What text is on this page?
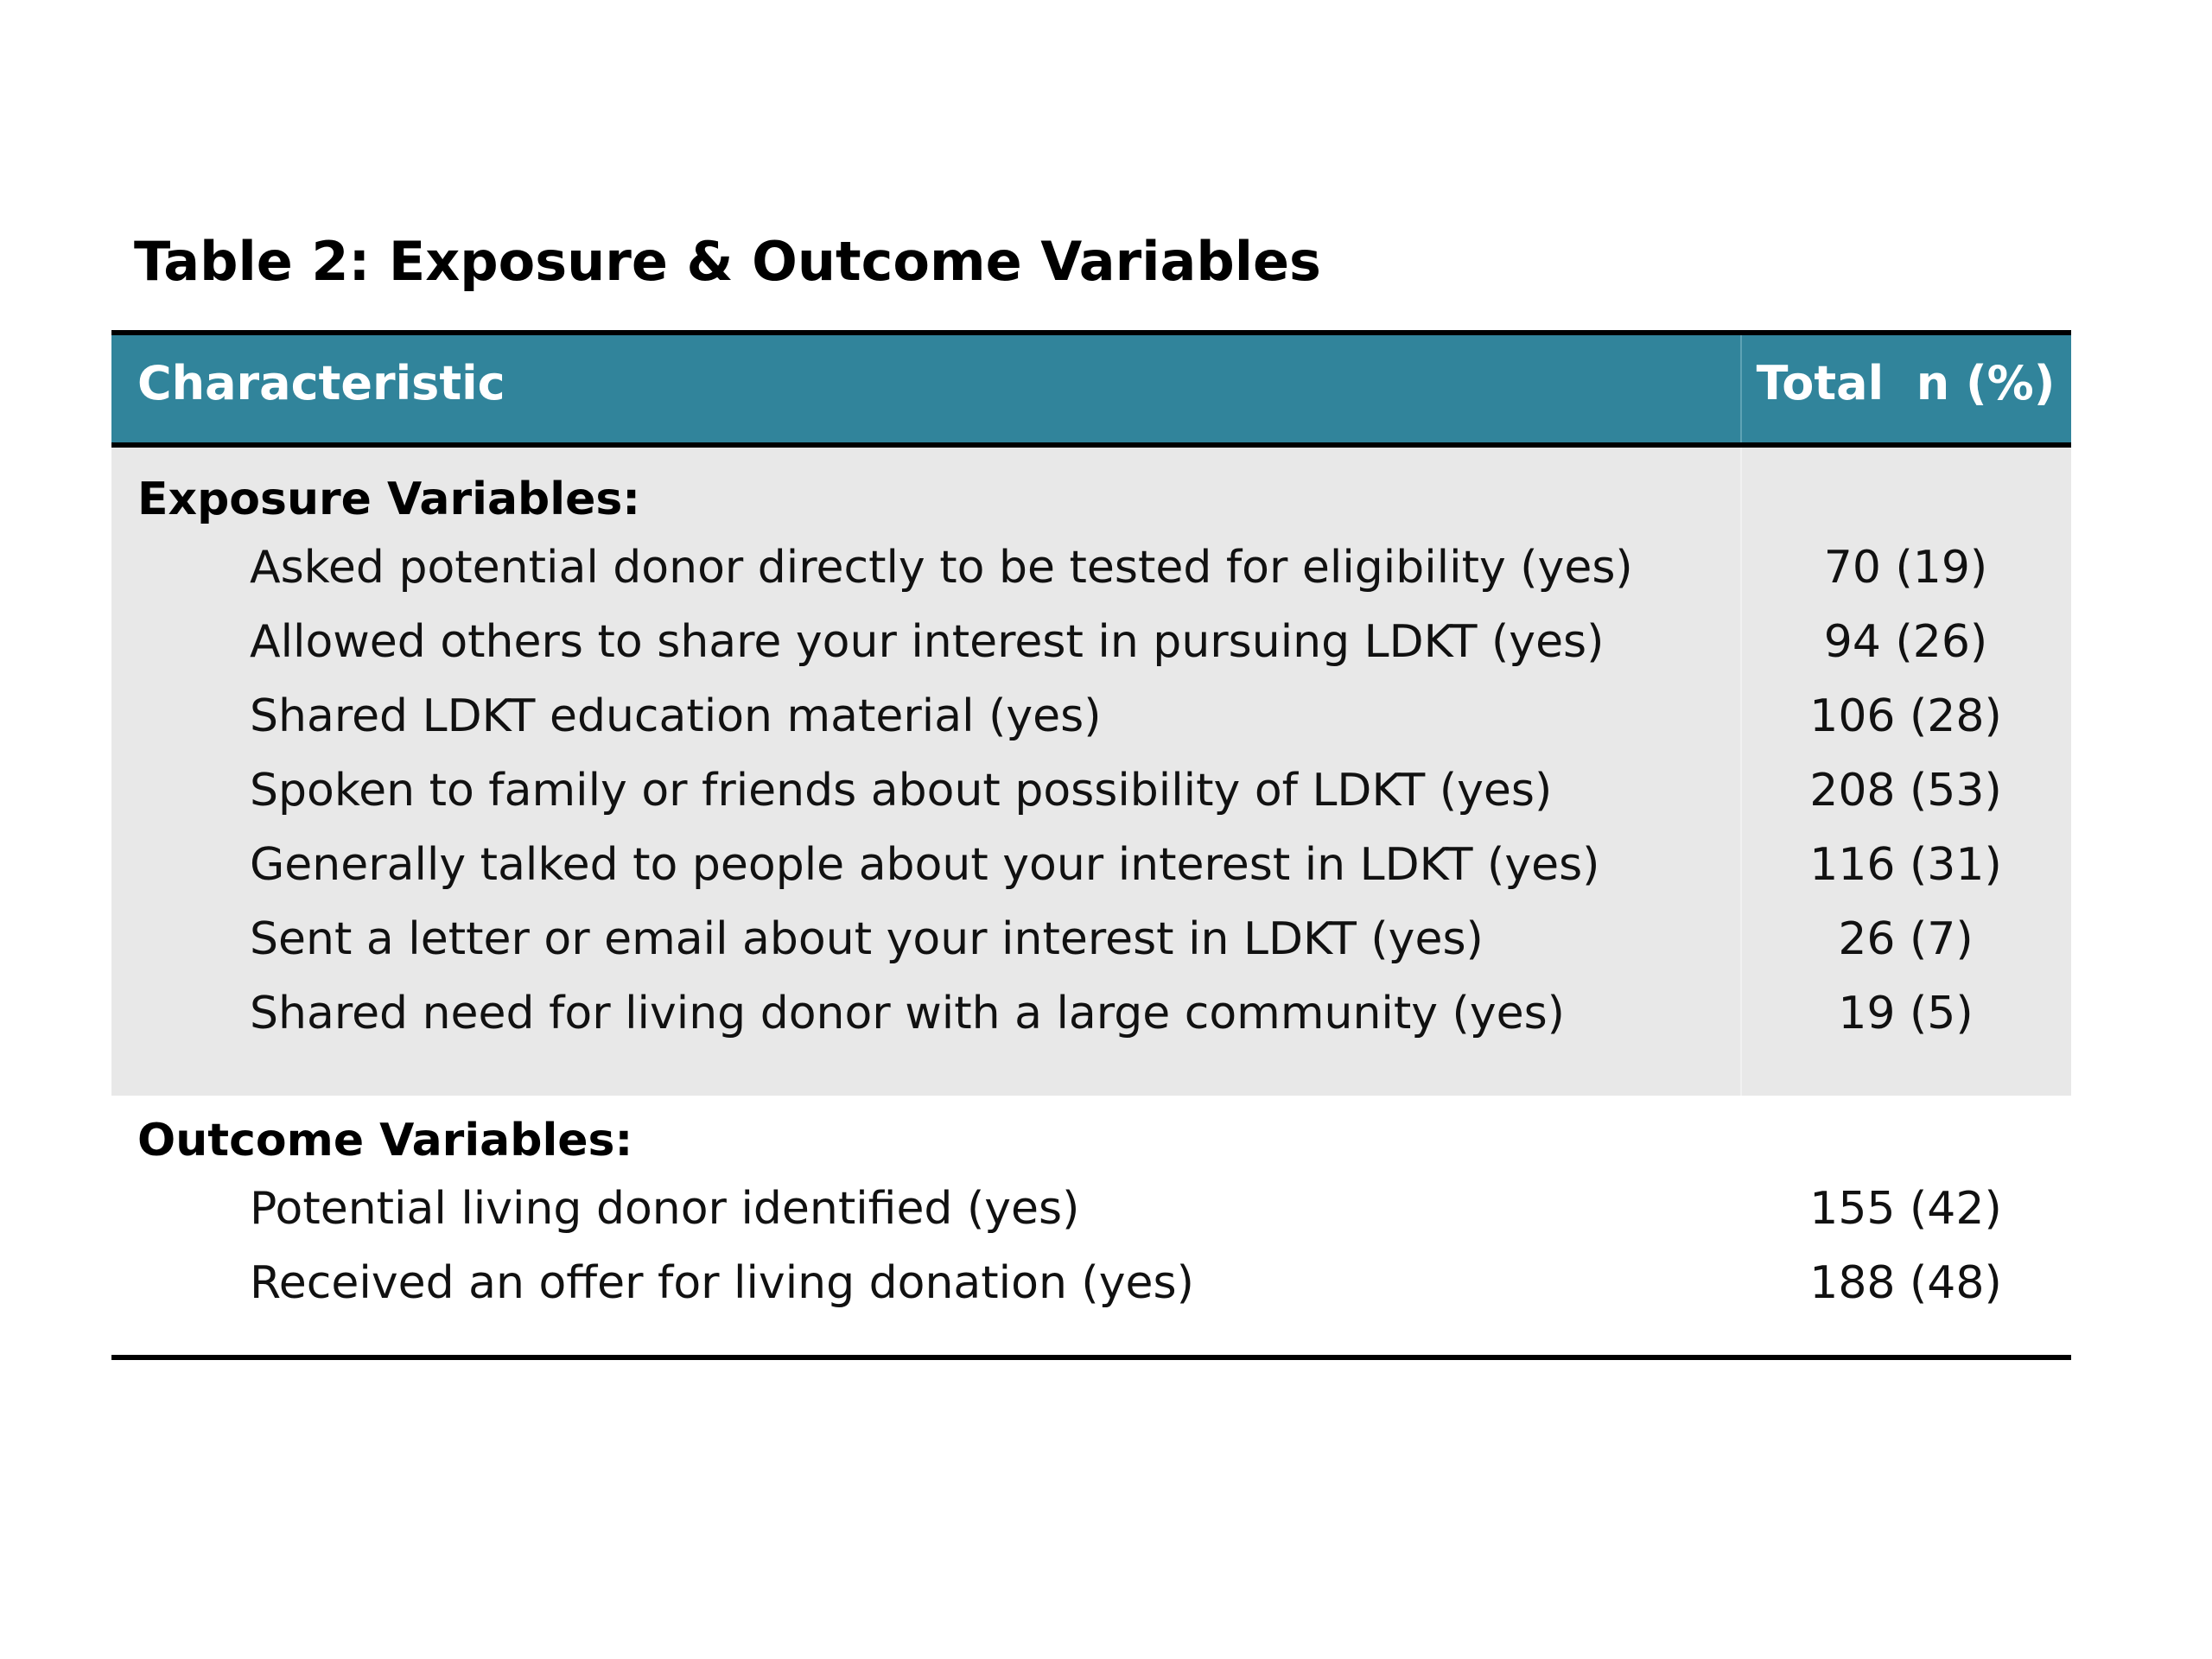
Table 2: Exposure & Outcome Variables
Characteristic	Total  n (%)
Exposure Variables:
Asked potential donor directly to be tested for eligibility (yes)	70 (19)
Allowed others to share your interest in pursuing LDKT (yes)	94 (26)
Shared LDKT education material (yes)	106 (28)
Spoken to family or friends about possibility of LDKT (yes)	208 (53)
Generally talked to people about your interest in LDKT (yes)	116 (31)
Sent a letter or email about your interest in LDKT (yes)	26 (7)
Shared need for living donor with a large community (yes)	19 (5)
Outcome Variables:
Potential living donor identified (yes)	155 (42)
Received an offer for living donation (yes)	188 (48)
